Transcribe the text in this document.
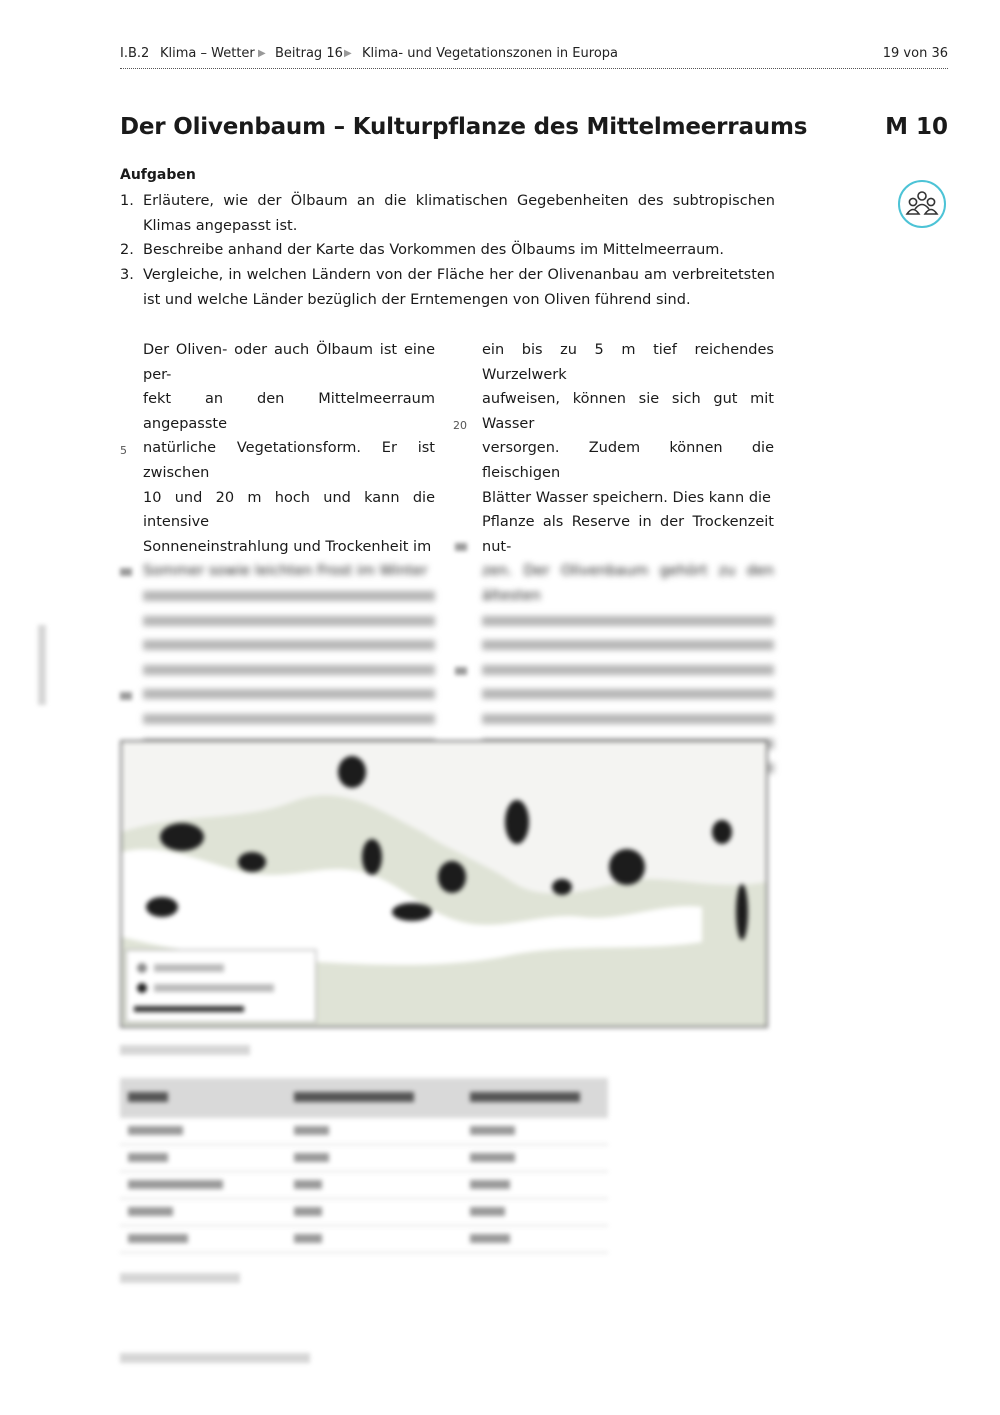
I.B.2 Klima – Wetter ▶ Beitrag 16 ▶ Klima- und Vegetationszonen in Europa	19 von 36
Der Olivenbaum – Kulturpflanze des Mittelmeerraums	M 10
Aufgaben
1. Erläutere, wie der Ölbaum an die klimatischen Gegebenheiten des subtropischen Klimas angepasst ist.
2. Beschreibe anhand der Karte das Vorkommen des Ölbaums im Mittelmeerraum.
3. Vergleiche, in welchen Ländern von der Fläche her der Olivenanbau am verbreitetsten ist und welche Länder bezüglich der Erntemengen von Oliven führend sind.
Der Oliven- oder auch Ölbaum ist eine per-
fekt an den Mittelmeerraum angepasste
natürliche Vegetationsform. Er ist zwischen
10 und 20 m hoch und kann die intensive
Sonneneinstrahlung und Trockenheit im
Sommer sowie leichten Frost im Winter
5
ein bis zu 5 m tief reichendes Wurzelwerk
aufweisen, können sie sich gut mit Wasser
versorgen. Zudem können die fleischigen
Blätter Wasser speichern. Dies kann die
Pflanze als Reserve in der Trockenzeit nut-
zen. Der Olivenbaum gehört zu den ältesten
20
